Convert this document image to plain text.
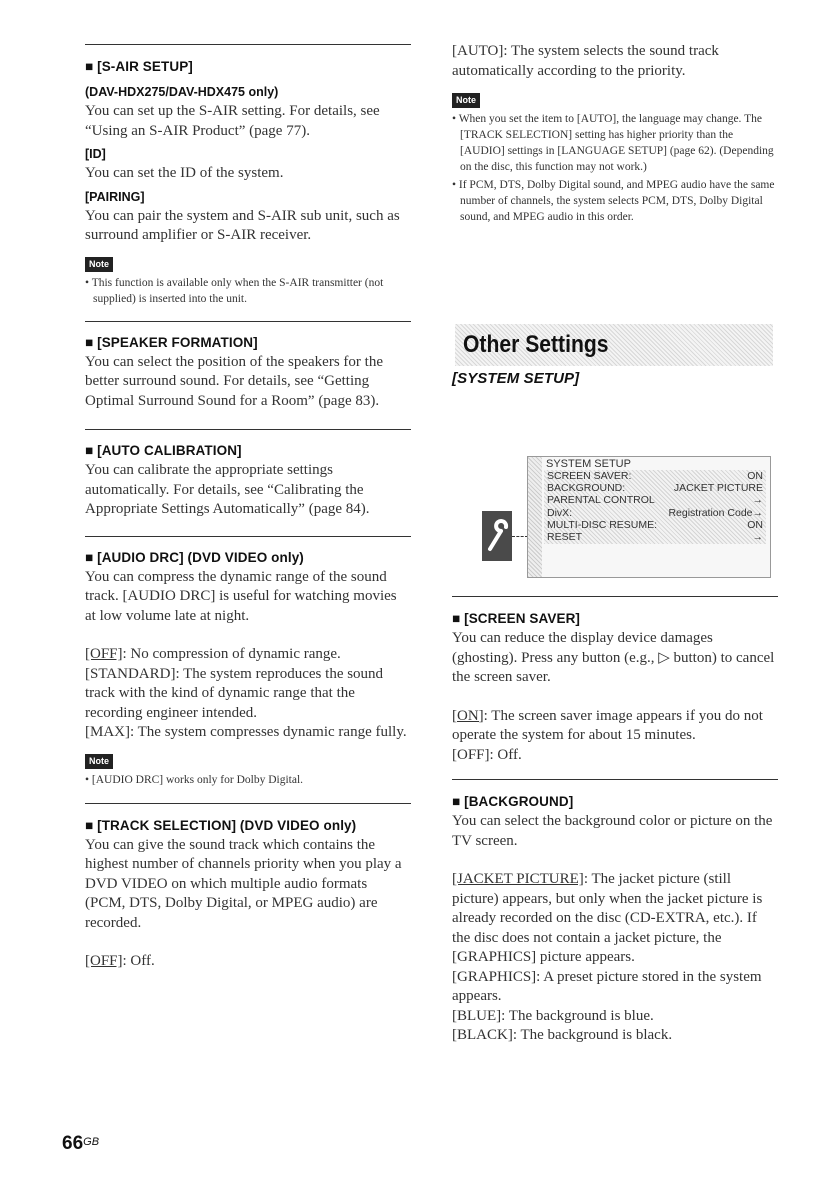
■ [S-AIR SETUP]
(DAV-HDX275/DAV-HDX475 only)

You can set up the S-AIR setting. For details, see “Using an S-AIR Product” (page 77).

[ID]

You can set the ID of the system.

[PAIRING]

You can pair the system and S-AIR sub unit, such as surround amplifier or S-AIR receiver.

Note

• This function is available only when the S-AIR transmitter (not supplied) is inserted into the unit.

■ [SPEAKER FORMATION]

You can select the position of the speakers for the better surround sound. For details, see “Getting Optimal Surround Sound for a Room” (page 83).

■ [AUTO CALIBRATION]

You can calibrate the appropriate settings automatically. For details, see “Calibrating the Appropriate Settings Automatically” (page 84).

■ [AUDIO DRC] (DVD VIDEO only)

You can compress the dynamic range of the sound track. [AUDIO DRC] is useful for watching movies at low volume late at night.

[OFF]: No compression of dynamic range.

[STANDARD]: The system reproduces the sound track with the kind of dynamic range that the recording engineer intended.

[MAX]: The system compresses dynamic range fully.

Note

• [AUDIO DRC] works only for Dolby Digital.

■ [TRACK SELECTION] (DVD VIDEO only)

You can give the sound track which contains the highest number of channels priority when you play a DVD VIDEO on which multiple audio formats (PCM, DTS, Dolby Digital, or MPEG audio) are recorded.

[OFF]: Off.

[AUTO]: The system selects the sound track automatically according to the priority.

Note

• When you set the item to [AUTO], the language may change. The [TRACK SELECTION] setting has higher priority than the [AUDIO] settings in [LANGUAGE SETUP] (page 62). (Depending on the disc, this function may not work.)

• If PCM, DTS, Dolby Digital sound, and MPEG audio have the same number of channels, the system selects PCM, DTS, Dolby Digital sound, and MPEG audio in this order.

Other Settings
[SYSTEM SETUP]
SYSTEM SETUP
SCREEN SAVER:	ON
BACKGROUND:	JACKET PICTURE
PARENTAL CONTROL	→
DivX:	Registration Code→
MULTI-DISC RESUME:	ON
RESET	→
■ [SCREEN SAVER]

You can reduce the display device damages (ghosting). Press any button (e.g., ▷ button) to cancel the screen saver.

[ON]: The screen saver image appears if you do not operate the system for about 15 minutes.

[OFF]: Off.

■ [BACKGROUND]

You can select the background color or picture on the TV screen.

[JACKET PICTURE]: The jacket picture (still picture) appears, but only when the jacket picture is already recorded on the disc (CD-EXTRA, etc.). If the disc does not contain a jacket picture, the [GRAPHICS] picture appears.

[GRAPHICS]: A preset picture stored in the system appears.

[BLUE]: The background is blue.

[BLACK]: The background is black.

$66^{GB}$
